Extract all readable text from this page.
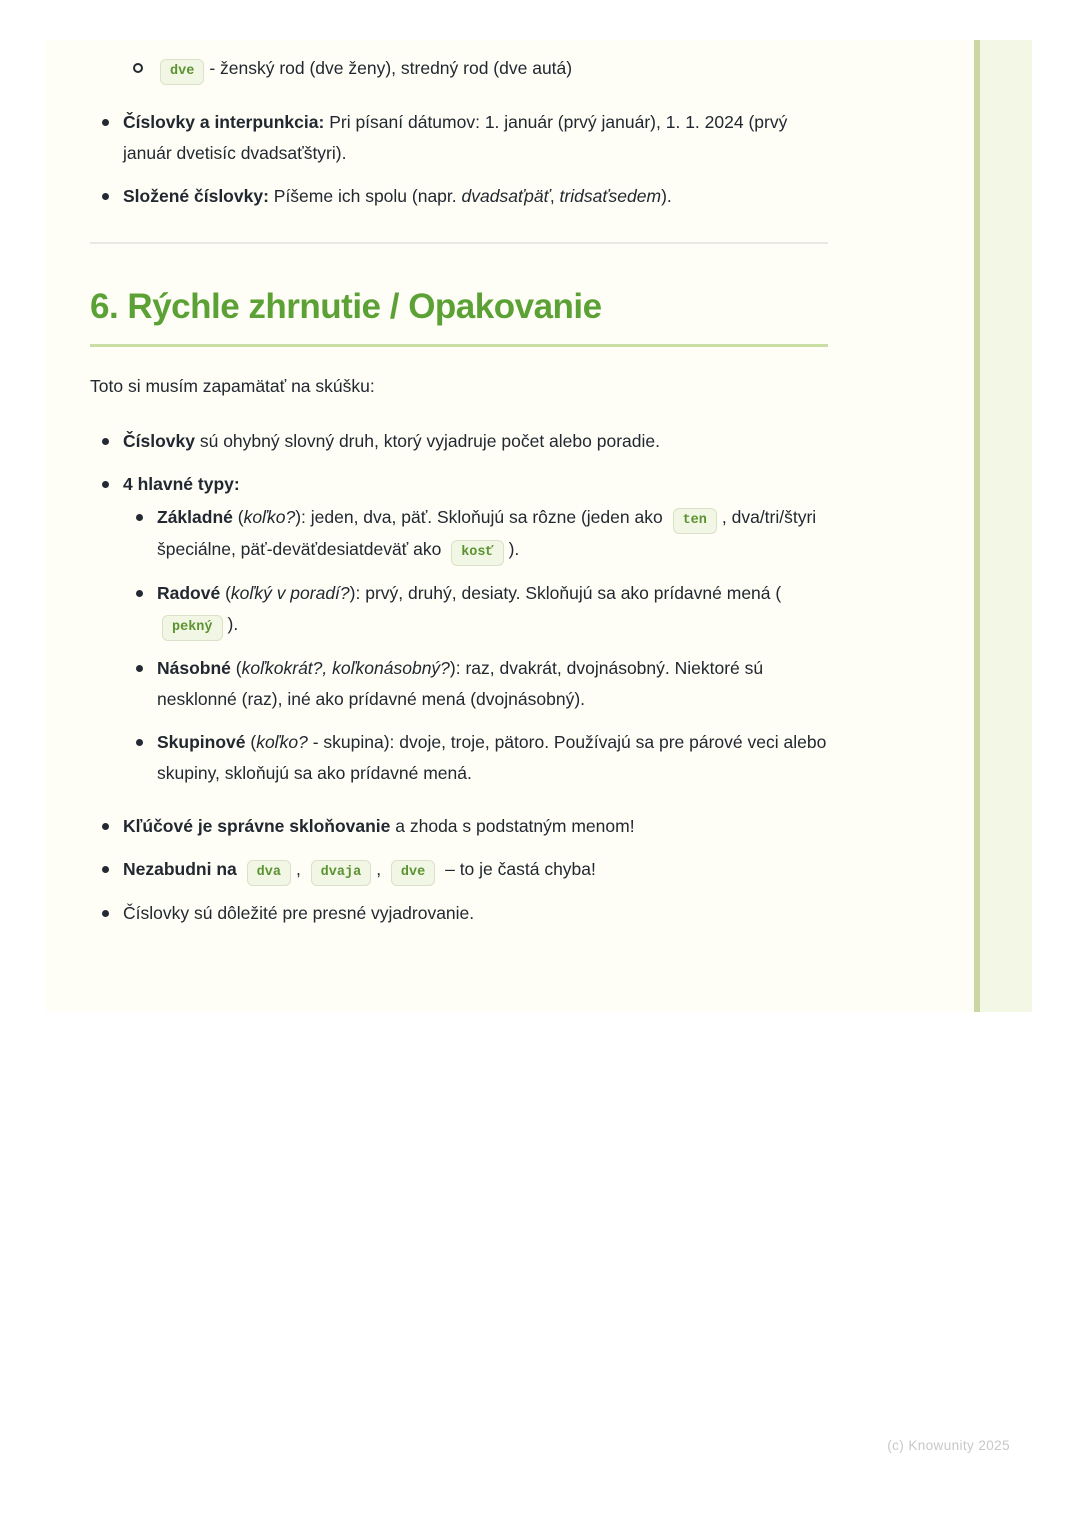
dve - ženský rod (dve ženy), stredný rod (dve autá)
Číslovky a interpunkcia: Pri písaní dátumov: 1. január (prvý január), 1. 1. 2024 (prvý január dvetisíc dvadsaťštyri).
Složené číslovky: Píšeme ich spolu (napr. dvadsaťpäť, tridsaťsedem).
6. Rýchle zhrnutie / Opakovanie

Toto si musím zapamätať na skúšku:

Číslovky sú ohybný slovný druh, ktorý vyjadruje počet alebo poradie.
4 hlavné typy:
Základné (koľko?): jeden, dva, päť. Skloňujú sa rôzne (jeden ako ten , dva/tri/štyri špeciálne, päť-deväťdesiatdeväť ako kosť ).
Radové (koľký v poradí?): prvý, druhý, desiaty. Skloňujú sa ako prídavné mená (pekný ).
Násobné (koľkokrát?, koľkonásobný?): raz, dvakrát, dvojnásobný. Niektoré sú nesklonné (raz), iné ako prídavné mená (dvojnásobný).
Skupinové (koľko? - skupina): dvoje, troje, pätoro. Používajú sa pre párové veci alebo skupiny, skloňujú sa ako prídavné mená.
Kľúčové je správne skloňovanie a zhoda s podstatným menom!
Nezabudni na dva , dvaja , dve – to je častá chyba!
Číslovky sú dôležité pre presné vyjadrovanie.
(c) Knowunity 2025
